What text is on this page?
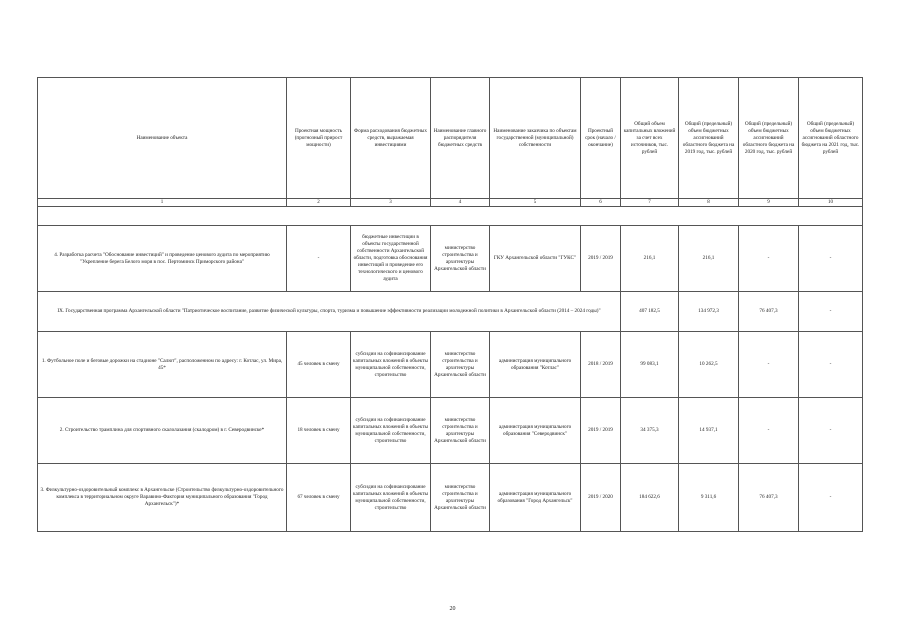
Наименование объекта	Проектная мощность (прогнозный прирост мощности)	Форма расходования бюджетных средств, выражаемая инвестициями	Наименование главного распорядителя бюджетных средств	Наименование заказчика по объектам государственной (муниципальной) собственности	Проектный срок (начало / окончание)	Общий объем капитальных вложений за счет всех источников, тыс. рублей	Общий (предельный) объем бюджетных ассигнований областного бюджета на 2019 год, тыс. рублей	Общий (предельный) объем бюджетных ассигнований областного бюджета на 2020 год, тыс. рублей	Общий (предельный) объем бюджетных ассигнований областного бюджета на 2021 год, тыс. рублей
1	2	3	4	5	6	7	8	9	10

4. Разработка расчета "Обоснование инвестиций" и проведение ценового аудита по мероприятию "Укрепление берега Белого моря в пос. Пертоминск Приморского района"	-	бюджетные инвестиции в объекты государственной собственности Архангельской области, подготовка обоснования инвестиций и проведение его технологического и ценового аудита	министерство строительства и архитектуры Архангельской области	ГКУ Архангельской области "ГУКС"	2019 / 2019	216,1	216,1	-	-
IX. Государственная программа Архангельской области "Патриотическое воспитание, развитие физической культуры, спорта, туризма и повышение эффективности реализации молодежной политики в Архангельской области (2014 – 2024 годы)"						407 182,5	134 972,3	76 407,3	-
1. Футбольное поле и беговые дорожки на стадионе "Салют", расположенном по адресу: г. Котлас, ул. Мира, 45*	45 человек в смену	субсидии на софинансирование капитальных вложений в объекты муниципальной собственности, строительство	министерство строительства и архитектуры Архангельской области	администрация муниципального образования "Котлас"	2018 / 2019	99 083,1	10 262,5	-	-
2. Строительство трамплина для спортивного скалолазания (скалодром) в г. Северодвинске*	18 человек в смену	субсидии на софинансирование капитальных вложений в объекты муниципальной собственности, строительство	министерство строительства и архитектуры Архангельской области	администрация муниципального образования "Северодвинск"	2019 / 2019	34 375,3	14 937,1	-	-
3. Физкультурно-оздоровительный комплекс в Архангельске (Строительство физкультурно-оздоровительного комплекса в территориальном округе Варавино-Фактория муниципального образования "Город Архангельск")*	67 человек в смену	субсидии на софинансирование капитальных вложений в объекты муниципальной собственности, строительство	министерство строительства и архитектуры Архангельской области	администрация муниципального образования "Город Архангельск"	2019 / 2020	184 622,6	9 311,6	76 407,3	-
20
